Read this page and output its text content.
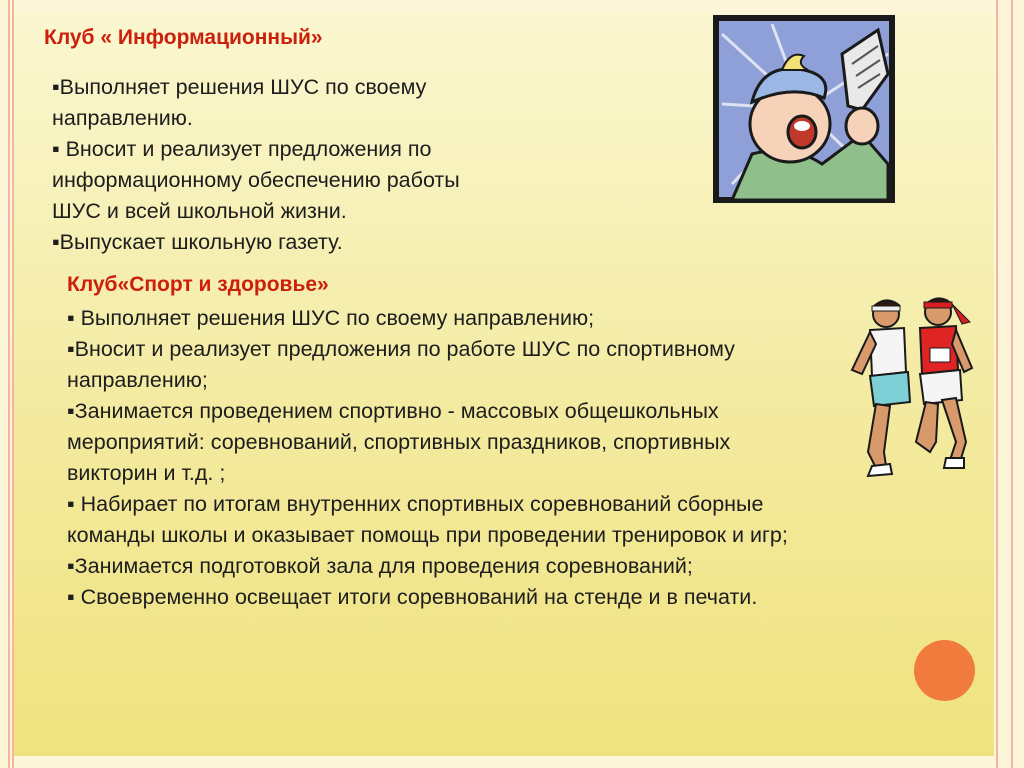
Клуб « Информационный»
▪Выполняет решения ШУС по своему
направлению.
▪ Вносит и реализует предложения по
информационному обеспечению работы
ШУС и всей школьной жизни.
▪Выпускает школьную газету.
Клуб«Спорт и здоровье»
▪ Выполняет решения ШУС по своему направлению;
▪Вносит и реализует предложения по работе ШУС по спортивному
направлению;
▪Занимается проведением спортивно - массовых общешкольных
мероприятий: соревнований, спортивных праздников, спортивных
викторин и т.д. ;
▪ Набирает по итогам внутренних спортивных соревнований сборные
команды школы и оказывает помощь при проведении тренировок и игр;
▪Занимается подготовкой зала для проведения соревнований;
▪ Своевременно освещает итоги соревнований на стенде и в печати.
